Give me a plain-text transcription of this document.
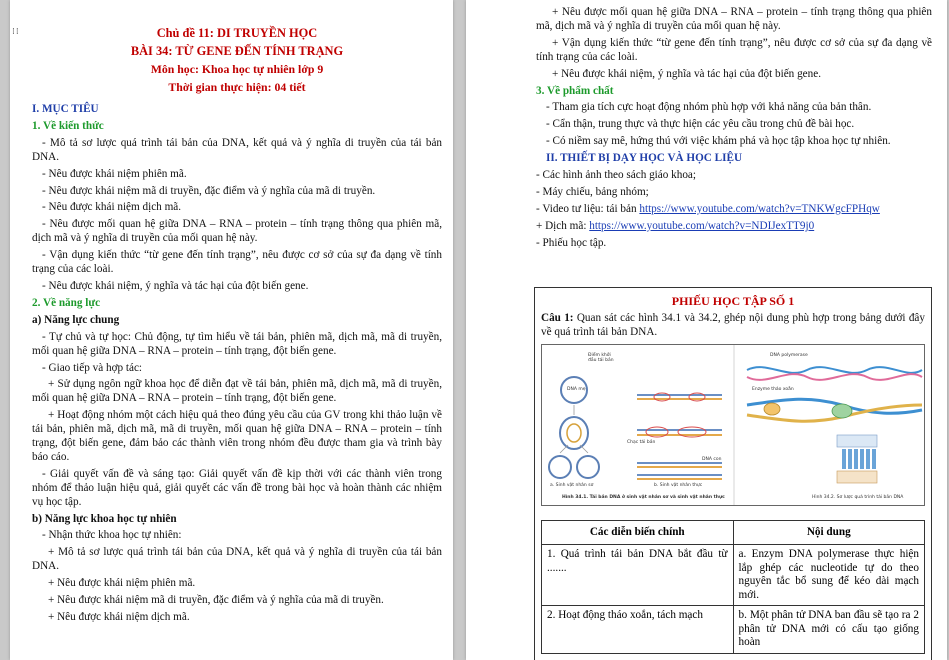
⁞⁞	Chủ đề 11: DI TRUYỀN HỌC

BÀI 34: TỪ GENE ĐẾN TÍNH TRẠNG

Môn học: Khoa học tự nhiên lớp 9

Thời gian thực hiện: 04 tiết

I. MỤC TIÊU

1. Về kiến thức

- Mô tả sơ lược quá trình tái bản của DNA, kết quả và ý nghĩa di truyền của tái bản DNA.

- Nêu được khái niệm phiên mã.

- Nêu được khái niệm mã di truyền, đặc điểm và ý nghĩa của mã di truyền.

- Nêu được khái niệm dịch mã.

- Nêu được mối quan hệ giữa DNA – RNA – protein – tính trạng thông qua phiên mã, dịch mã và ý nghĩa di truyền của mối quan hệ này.

- Vận dụng kiến thức “từ gene đến tính trạng”, nêu được cơ sở của sự đa dạng về tính trạng của các loài.

- Nêu được khái niệm, ý nghĩa và tác hại của đột biến gene.

2. Về năng lực

a) Năng lực chung

- Tự chủ và tự học: Chủ động, tự tìm hiểu về tái bản, phiên mã, dịch mã, mã di truyền, mối quan hệ giữa DNA – RNA – protein – tính trạng, đột biến gene.

- Giao tiếp và hợp tác:

+ Sử dụng ngôn ngữ khoa học để diễn đạt về tái bản, phiên mã, dịch mã, mã di truyền, mối quan hệ giữa DNA – RNA – protein – tính trạng, đột biến gene.

+ Hoạt động nhóm một cách hiệu quả theo đúng yêu cầu của GV trong khi thảo luận về tái bản, phiên mã, dịch mã, mã di truyền, mối quan hệ giữa DNA – RNA – protein – tính trạng, đột biến gene, đảm bảo các thành viên trong nhóm đều được tham gia và trình bày báo cáo.

- Giải quyết vấn đề và sáng tạo: Giải quyết vấn đề kịp thời với các thành viên trong nhóm để thảo luận hiệu quả, giải quyết các vấn đề trong bài học và hoàn thành các nhiệm vụ học tập.

b) Năng lực khoa học tự nhiên

- Nhận thức khoa học tự nhiên:

+ Mô tả sơ lược quá trình tái bản của DNA, kết quả và ý nghĩa di truyền của tái bản DNA.

+ Nêu được khái niệm phiên mã.

+ Nêu được khái niệm mã di truyền, đặc điểm và ý nghĩa của mã di truyền.

+ Nêu được khái niệm dịch mã.

+ Nêu được mối quan hệ giữa DNA – RNA – protein – tính trạng thông qua phiên mã, dịch mã và ý nghĩa di truyền của mối quan hệ này.

+ Vận dụng kiến thức “từ gene đến tính trạng”, nêu được cơ sở của sự đa dạng về tính trạng của các loài.

+ Nêu được khái niệm, ý nghĩa và tác hại của đột biến gene.

3. Về phẩm chất

- Tham gia tích cực hoạt động nhóm phù hợp với khả năng của bản thân.

- Cẩn thận, trung thực và thực hiện các yêu cầu trong chủ đề bài học.

- Có niềm say mê, hứng thú với việc khám phá và học tập khoa học tự nhiên.

II. THIẾT BỊ DẠY HỌC VÀ HỌC LIỆU

- Các hình ảnh theo sách giáo khoa;

- Máy chiếu, bảng nhóm;

- Video tư liệu: tái bản https://www.youtube.com/watch?v=TNKWgcFPHqw

+ Dịch mã: https://www.youtube.com/watch?v=NDIJexTT9j0

- Phiếu học tập.

PHIẾU HỌC TẬP SỐ 1

Câu 1: Quan sát các hình 34.1 và 34.2, ghép nội dung phù hợp trong bảng dưới đây về quá trình tái bản DNA.

Điểm khởi đầu tái bản
DNA mẹ
Chạc tái bản
DNA con
a. Sinh vật nhân sơ	b. Sinh vật nhân thực
DNA polymerase
Enzyme tháo xoắn
Hình 34.1. Tái bản DNA ở sinh vật nhân sơ và sinh vật nhân thực	Hình 34.2. Sơ lược quá trình tái bản DNA
Các diễn biến chính	Nội dung
1. Quá trình tái bản DNA bắt đầu từ .......	a. Enzym DNA polymerase thực hiện lắp ghép các nucleotide tự do theo nguyên tắc bổ sung để kéo dài mạch mới.
2. Hoạt động tháo xoắn, tách mạch	b. Một phân tử DNA ban đầu sẽ tạo ra 2 phân tử DNA mới có cấu tạo giống hoàn
